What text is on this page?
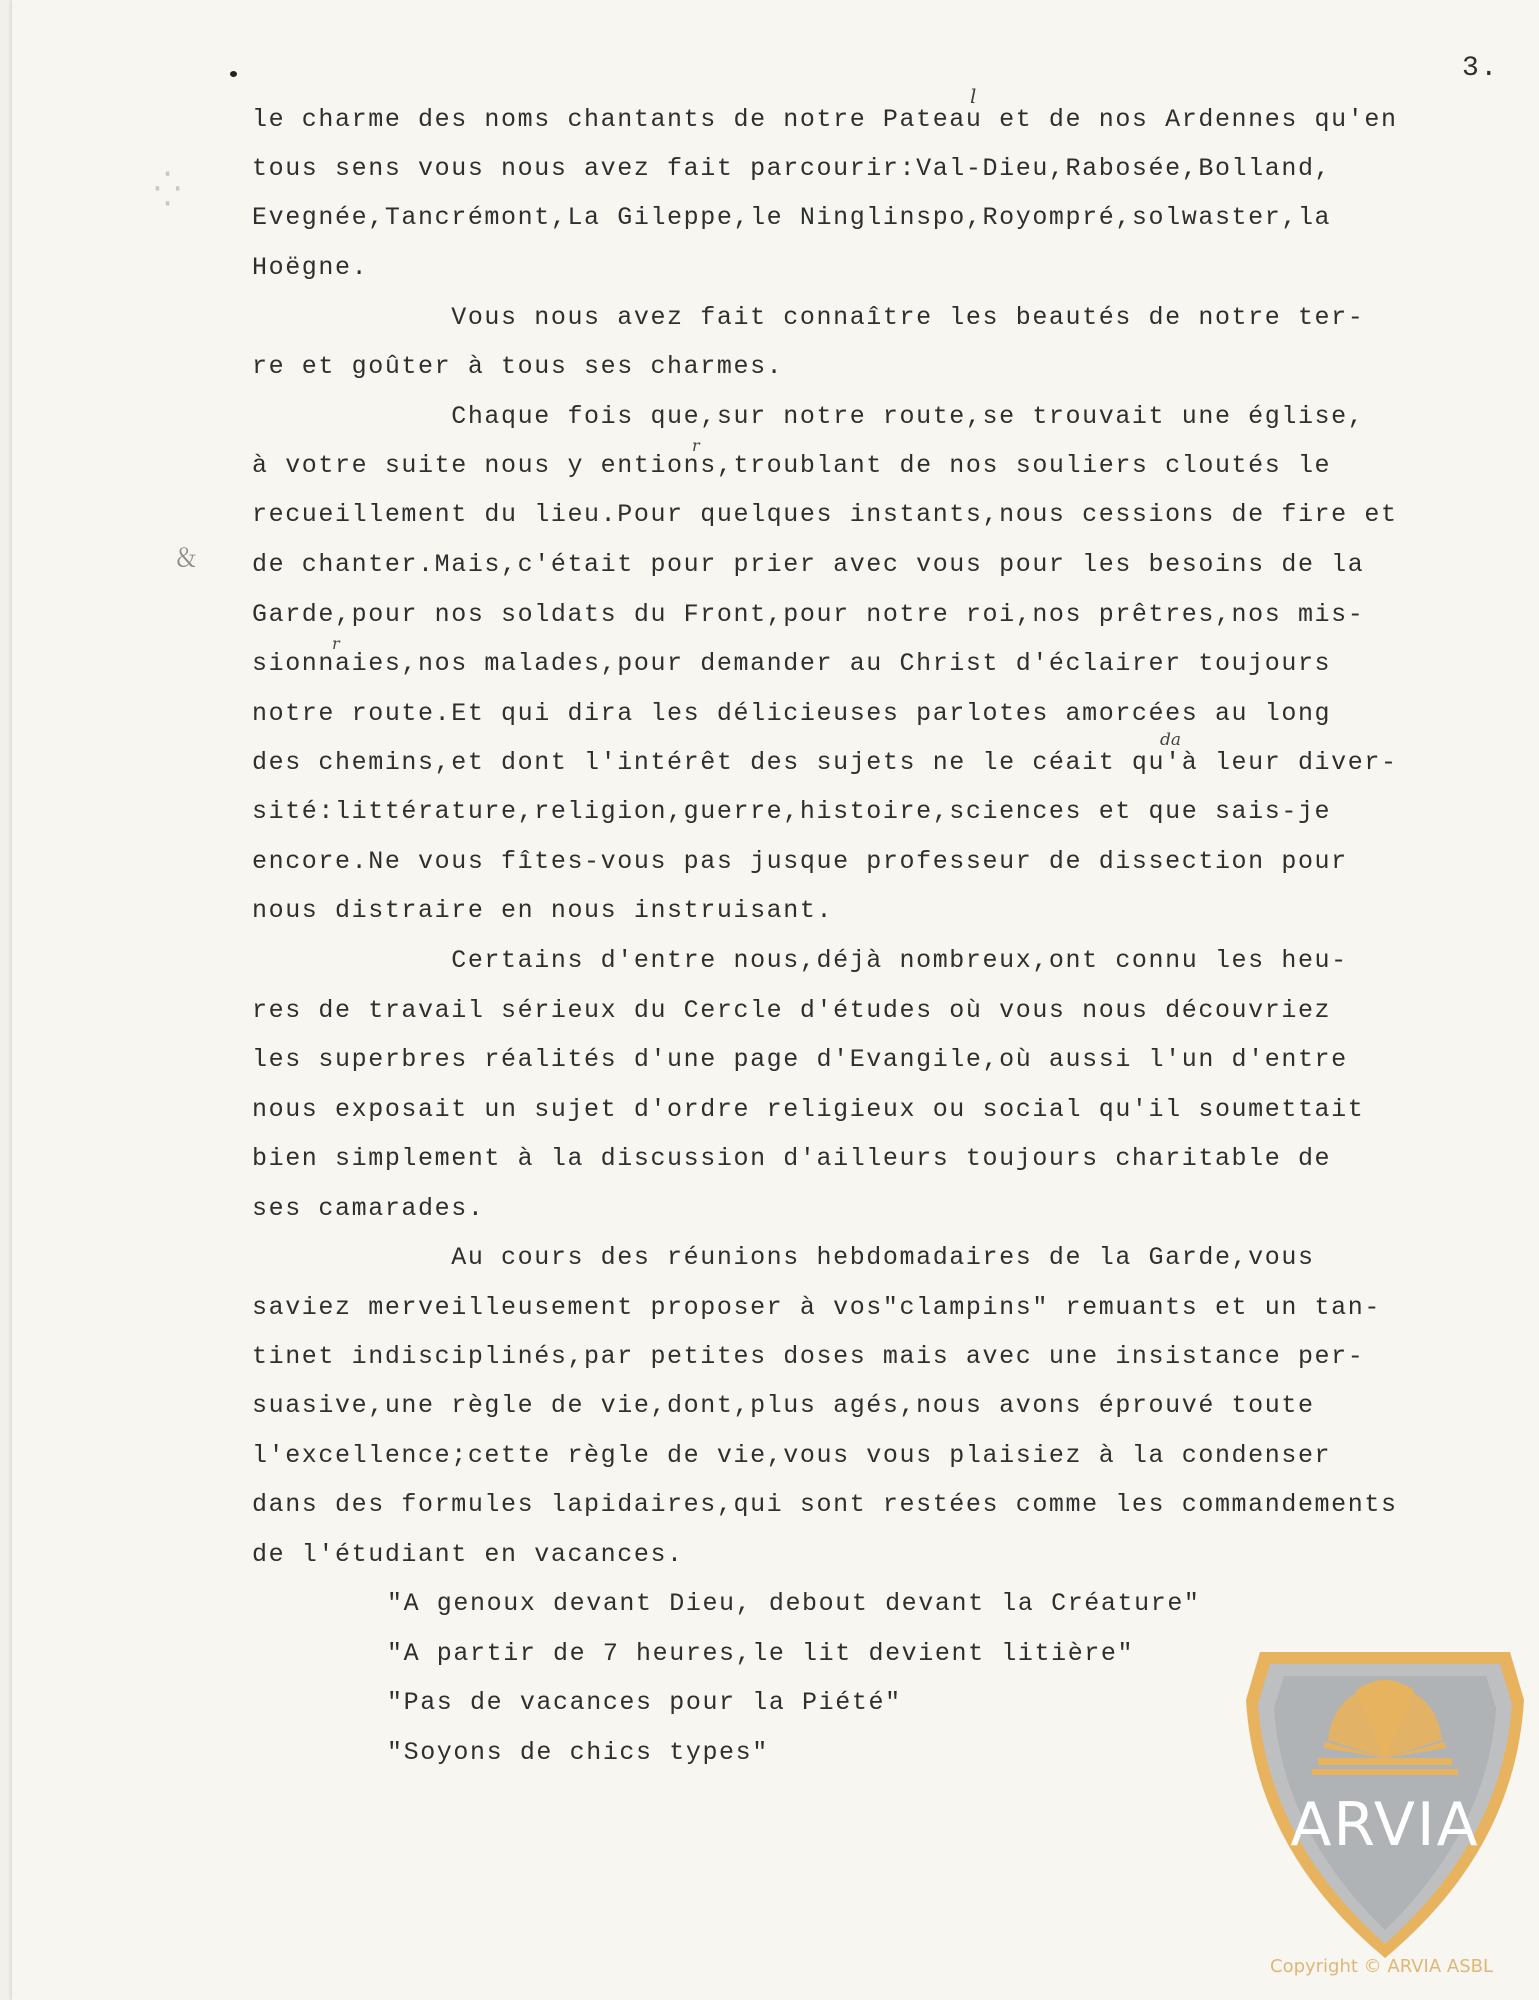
3.
⁛
﹠
le charme des noms chantants de notre Pateau et de nos Ardennes qu'en
tous sens vous nous avez fait parcourir:Val-Dieu,Rabosée,Bolland,
Evegnée,Tancrémont,La Gileppe,le Ninglinspo,Royompré,solwaster,la
Hoëgne.
Vous nous avez fait connaître les beautés de notre ter-
re et goûter à tous ses charmes.
Chaque fois que,sur notre route,se trouvait une église,
à votre suite nous y entions,troublant de nos souliers cloutés le
recueillement du lieu.Pour quelques instants,nous cessions de fire et
de chanter.Mais,c'était pour prier avec vous pour les besoins de la
Garde,pour nos soldats du Front,pour notre roi,nos prêtres,nos mis-
sionnaies,nos malades,pour demander au Christ d'éclairer toujours
notre route.Et qui dira les délicieuses parlotes amorcées au long
des chemins,et dont l'intérêt des sujets ne le céait qu'à leur diver-
sité:littérature,religion,guerre,histoire,sciences et que sais-je
encore.Ne vous fîtes-vous pas jusque professeur de dissection pour
nous distraire en nous instruisant.
Certains d'entre nous,déjà nombreux,ont connu les heu-
res de travail sérieux du Cercle d'études où vous nous découvriez
les superbres réalités d'une page d'Evangile,où aussi l'un d'entre
nous exposait un sujet d'ordre religieux ou social qu'il soumettait
bien simplement à la discussion d'ailleurs toujours charitable de
ses camarades.
Au cours des réunions hebdomadaires de la Garde,vous
saviez merveilleusement proposer à vos"clampins" remuants et un tan-
tinet indisciplinés,par petites doses mais avec une insistance per-
suasive,une règle de vie,dont,plus agés,nous avons éprouvé toute
l'excellence;cette règle de vie,vous vous plaisiez à la condenser
dans des formules lapidaires,qui sont restées comme les commandements
de l'étudiant en vacances.
"A genoux devant Dieu, debout devant la Créature"
"A partir de 7 heures,le lit devient litière"
"Pas de vacances pour la Piété"
"Soyons de chics types"
l
r
r
da
ARVIA
Copyright © ARVIA ASBL
